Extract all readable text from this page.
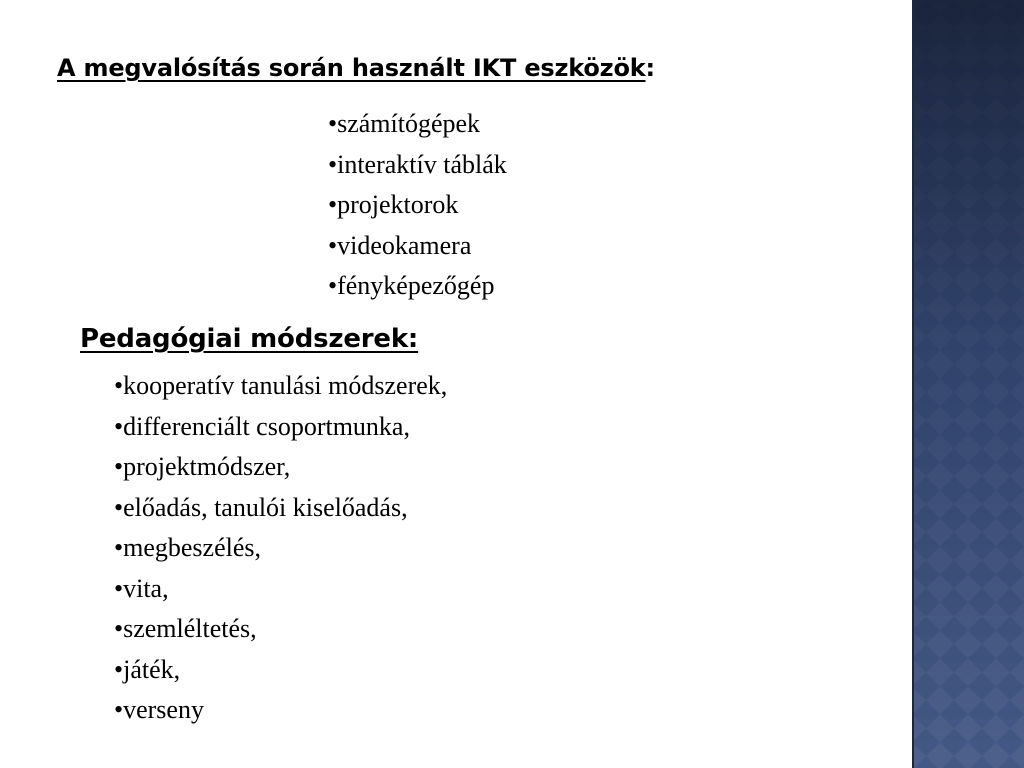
A megvalósítás során használt IKT eszközök:
•számítógépek
•interaktív táblák
•projektorok
•videokamera
•fényképezőgép
Pedagógiai módszerek:
•kooperatív tanulási módszerek,
•differenciált csoportmunka,
•projektmódszer,
•előadás, tanulói kiselőadás,
•megbeszélés,
•vita,
•szemléltetés,
•játék,
•verseny
